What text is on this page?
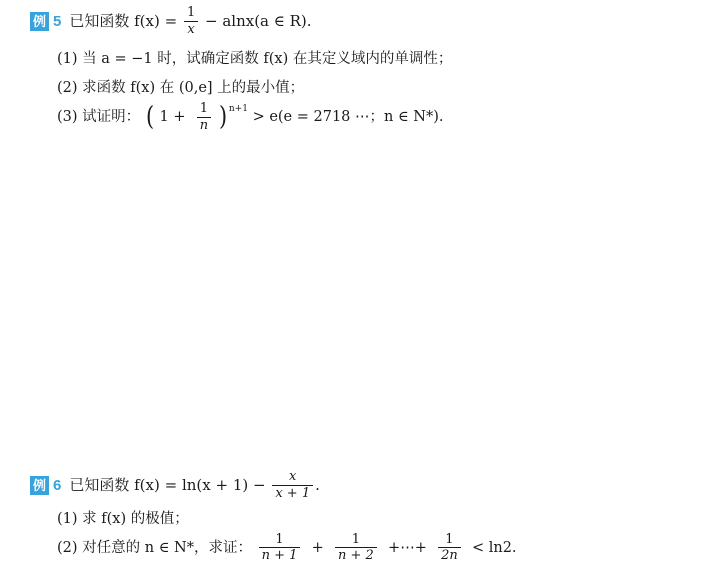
例 5 已知函数 $f(x) = \frac{1}{x} - alnx(a$ ∈ R).
(1) 当 a = −1 时，试确定函数 f(x) 在其定义域内的单调性；
(2) 求函数 f(x) 在 (0,e] 上的最小值；
(3) 试证明： ( $1 + \frac{1}{n}$ ) $^{n+1}$ > e(e = 2718 ⋯；n ∈ N*).
例 6 已知函数 $f(x) = \ln(x + 1) - \frac{x}{x + 1}$ .
(1) 求 f(x) 的极值；
(2) 对任意的 n ∈ N*，求证： $\frac{1}{n + 1} + \frac{1}{n + 2}$ +⋯+ $\frac{1}{2n} < \ln 2$.
